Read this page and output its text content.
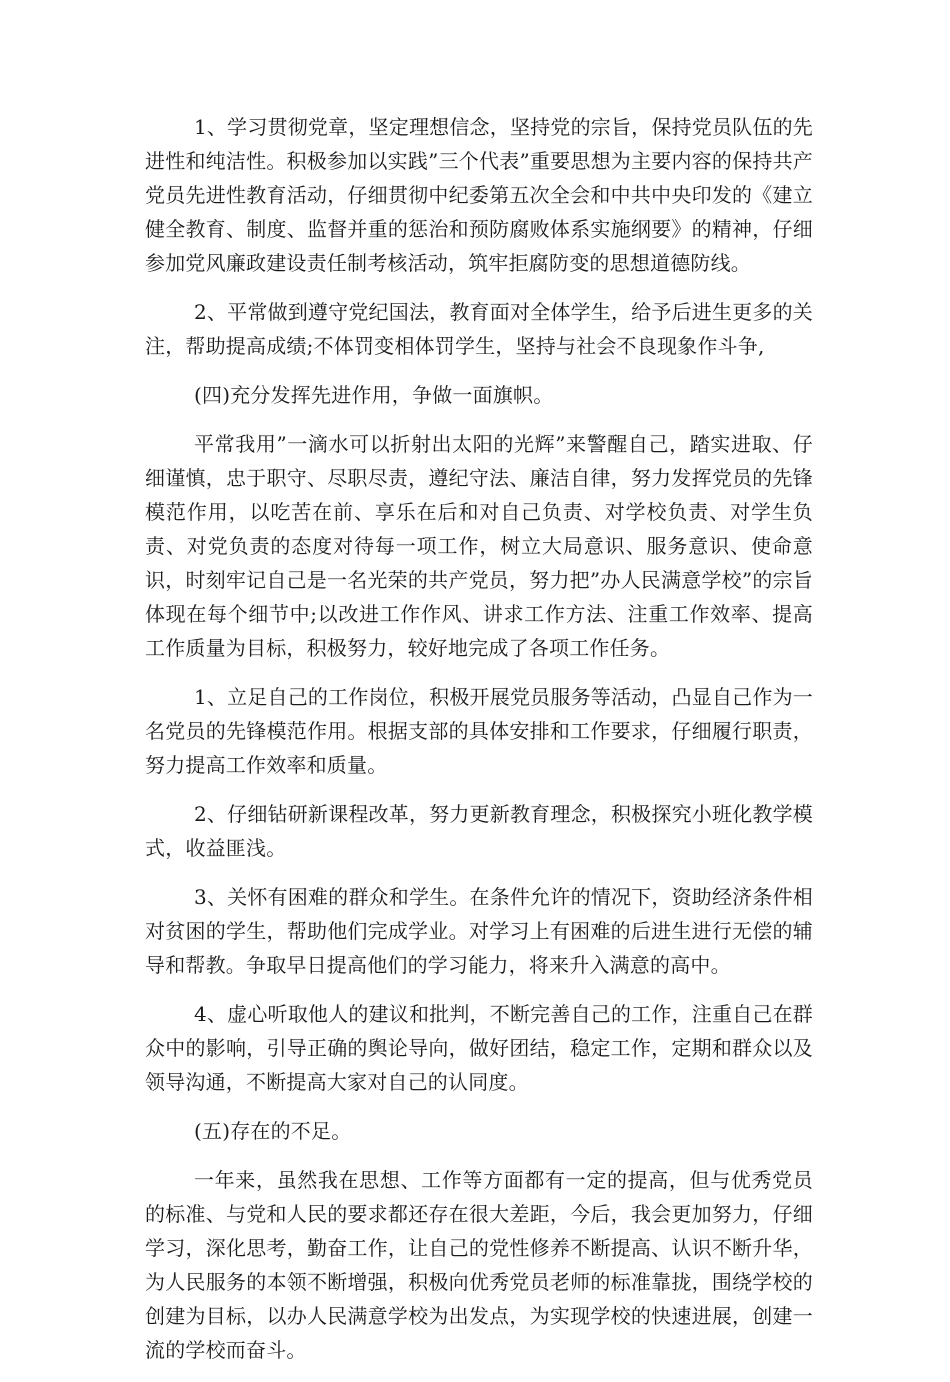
1、学习贯彻党章，坚定理想信念，坚持党的宗旨，保持党员队伍的先进性和纯洁性。积极参加以实践”三个代表”重要思想为主要内容的保持共产党员先进性教育活动，仔细贯彻中纪委第五次全会和中共中央印发的《建立健全教育、制度、监督并重的惩治和预防腐败体系实施纲要》的精神，仔细参加党风廉政建设责任制考核活动，筑牢拒腐防变的思想道德防线。

2、平常做到遵守党纪国法，教育面对全体学生，给予后进生更多的关注，帮助提高成绩;不体罚变相体罚学生，坚持与社会不良现象作斗争,

(四)充分发挥先进作用，争做一面旗帜。

平常我用”一滴水可以折射出太阳的光辉”来警醒自己，踏实进取、仔细谨慎，忠于职守、尽职尽责，遵纪守法、廉洁自律，努力发挥党员的先锋模范作用，以吃苦在前、享乐在后和对自己负责、对学校负责、对学生负责、对党负责的态度对待每一项工作，树立大局意识、服务意识、使命意识，时刻牢记自己是一名光荣的共产党员，努力把”办人民满意学校”的宗旨体现在每个细节中;以改进工作作风、讲求工作方法、注重工作效率、提高工作质量为目标，积极努力，较好地完成了各项工作任务。

1、立足自己的工作岗位，积极开展党员服务等活动，凸显自己作为一名党员的先锋模范作用。根据支部的具体安排和工作要求，仔细履行职责，努力提高工作效率和质量。

2、仔细钻研新课程改革，努力更新教育理念，积极探究小班化教学模式，收益匪浅。

3、关怀有困难的群众和学生。在条件允许的情况下，资助经济条件相对贫困的学生，帮助他们完成学业。对学习上有困难的后进生进行无偿的辅导和帮教。争取早日提高他们的学习能力，将来升入满意的高中。

4、虚心听取他人的建议和批判，不断完善自己的工作，注重自己在群众中的影响，引导正确的舆论导向，做好团结，稳定工作，定期和群众以及领导沟通，不断提高大家对自己的认同度。

(五)存在的不足。

一年来，虽然我在思想、工作等方面都有一定的提高，但与优秀党员的标准、与党和人民的要求都还存在很大差距，今后，我会更加努力，仔细学习，深化思考，勤奋工作，让自己的党性修养不断提高、认识不断升华，为人民服务的本领不断增强，积极向优秀党员老师的标准靠拢，围绕学校的创建为目标，以办人民满意学校为出发点，为实现学校的快速进展，创建一流的学校而奋斗。
